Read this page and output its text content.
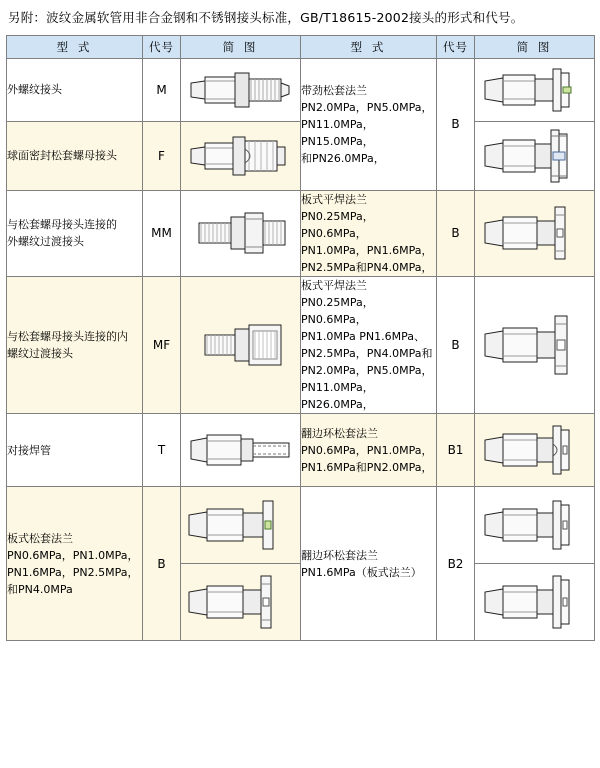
另附：波纹金属软管用非合金钢和不锈钢接头标准，GB/T18615-2002接头的形式和代号。
型 式	代号	简 图	型 式	代号	简 图

外螺纹接头	M		带劲松套法兰
PN2.0MPa，PN5.0MPa，
PN11.0MPa，PN15.0MPa，
和PN26.0MPa，	B	

球面密封松套螺母接头	F	

与松套螺母接头连接的
外螺纹过渡接头	MM		板式平焊法兰
PN0.25MPa，PN0.6MPa，
PN1.0MPa，PN1.6MPa，
PN2.5MPa和PN4.0MPa，	B	

与松套螺母接头连接的内
螺纹过渡接头
	MF	

板式平焊法兰
PN0.25MPa，PN0.6MPa，
PN1.0MPa PN1.6MPa、
PN2.5MPa，PN4.0MPa和
PN2.0MPa，PN5.0MPa，
PN11.0MPa，PN26.0MPa，
	B	

对接焊管	T		翻边环松套法兰
PN0.6MPa，PN1.0MPa，
PN1.6MPa和PN2.0MPa，	B1	

板式松套法兰
PN0.6MPa，PN1.0MPa，
PN1.6MPa，PN2.5MPa，
和PN4.0MPa	B		翻边环松套法兰
PN1.6MPa（板式法兰）	B2	
